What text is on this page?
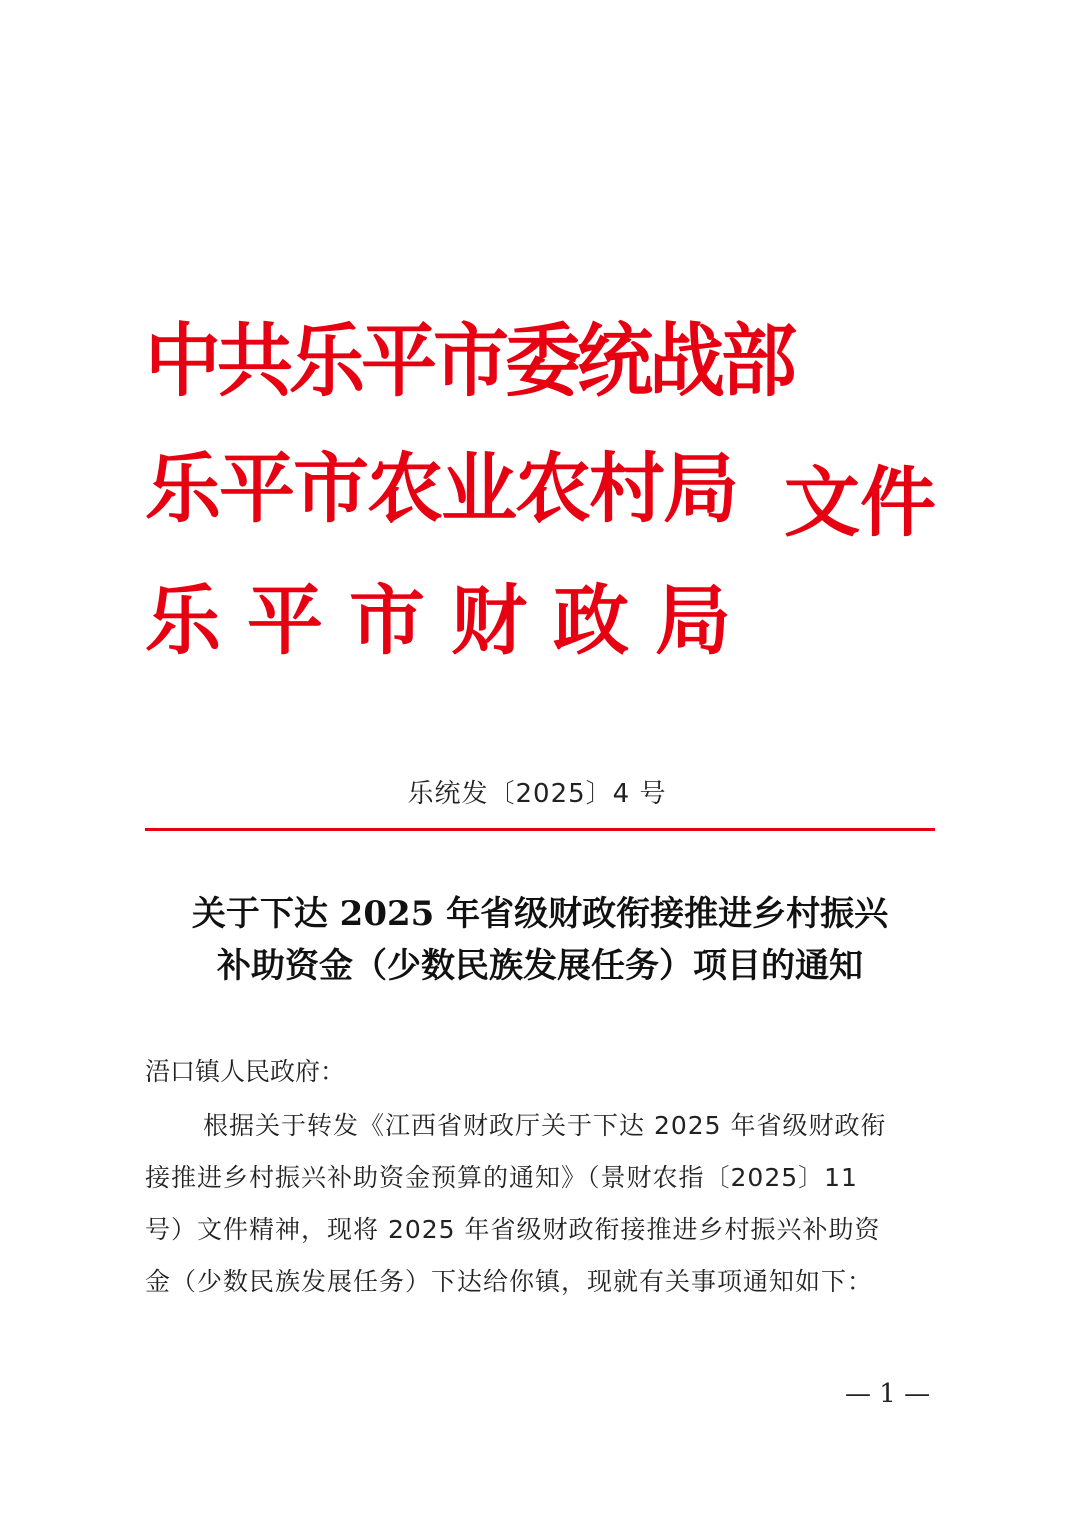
中共乐平市委统战部
乐平市农业农村局
乐平市财政局
文件
乐统发〔2025〕4 号
关于下达 2025 年省级财政衔接推进乡村振兴
补助资金（少数民族发展任务）项目的通知
浯口镇人民政府：
根据关于转发《江西省财政厅关于下达 2025 年省级财政衔
接推进乡村振兴补助资金预算的通知》（景财农指〔2025〕11
号）文件精神，现将 2025 年省级财政衔接推进乡村振兴补助资
金（少数民族发展任务）下达给你镇，现就有关事项通知如下：
— 1 —
